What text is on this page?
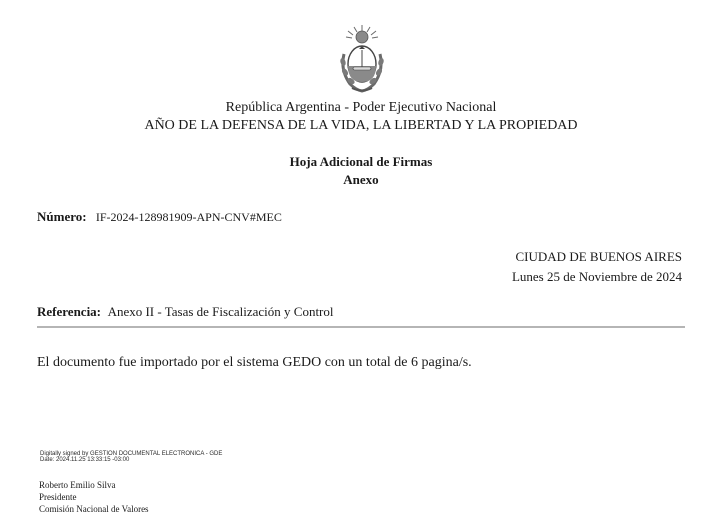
República Argentina - Poder Ejecutivo Nacional
AÑO DE LA DEFENSA DE LA VIDA, LA LIBERTAD Y LA PROPIEDAD
Hoja Adicional de Firmas
Anexo
Número: IF-2024-128981909-APN-CNV#MEC
CIUDAD DE BUENOS AIRES
Lunes 25 de Noviembre de 2024
Referencia: Anexo II - Tasas de Fiscalización y Control
El documento fue importado por el sistema GEDO con un total de 6 pagina/s.
Digitally signed by GESTION DOCUMENTAL ELECTRONICA - GDE
Date: 2024.11.25 13:33:15 -03:00
Roberto Emilio Silva
Presidente
Comisión Nacional de Valores
